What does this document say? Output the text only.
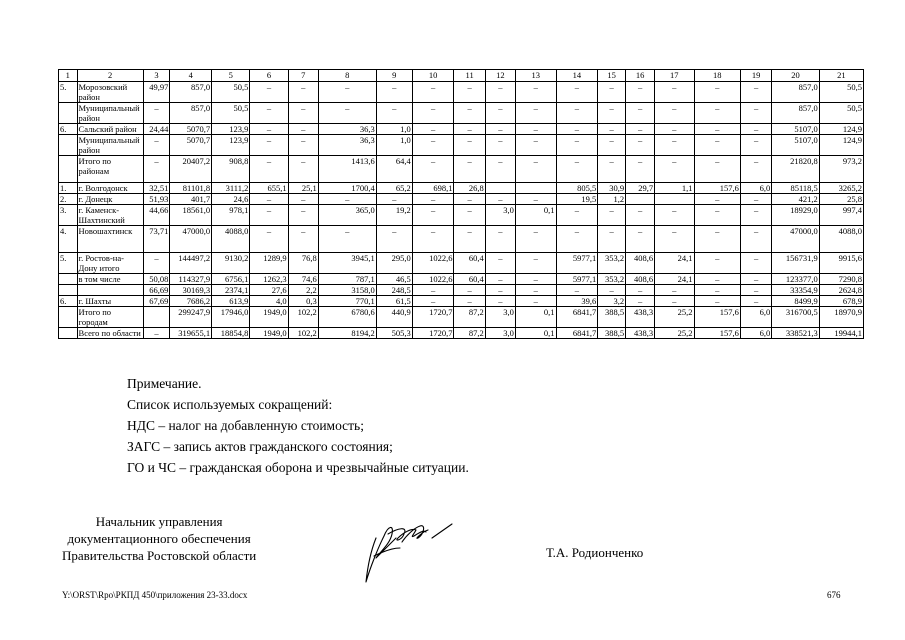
1	2	3	4	5	6	7	8	9	10	11	12	13	14	15	16	17	18	19	20	21
5.	Морозовский район	49,97	857,0	50,5	–	–	–	–	–	–	–	–	–	–	–	–	–	–	857,0	50,5
	Муниципальный район	–	857,0	50,5	–	–	–	–	–	–	–	–	–	–	–	–	–	–	857,0	50,5
6.	Сальский район	24,44	5070,7	123,9	–	–	36,3	1,0	–	–	–	–	–	–	–	–	–	–	5107,0	124,9
	Муниципальный район	–	5070,7	123,9	–	–	36,3	1,0	–	–	–	–	–	–	–	–	–	–	5107,0	124,9
	Итого по районам	–	20407,2	908,8	–	–	1413,6	64,4	–	–	–	–	–	–	–	–	–	–	21820,8	973,2
1.	г. Волгодонск	32,51	81101,8	3111,2	655,1	25,1	1700,4	65,2	698,1	26,8			805,5	30,9	29,7	1,1	157,6	6,0	85118,5	3265,2
2.	г. Донецк	51,93	401,7	24,6	–	–	–	–	–	–	–	–	19,5	1,2			–	–	421,2	25,8
3.	г. Каменск-Шахтинский	44,66	18561,0	978,1	–	–	365,0	19,2	–	–	3,0	0,1	–	–	–	–	–	–	18929,0	997,4
4.	Новошахтинск	73,71	47000,0	4088,0	–	–	–	–	–	–	–	–	–	–	–	–	–	–	47000,0	4088,0
5.	г. Ростов-на-Дону итого	–	144497,2	9130,2	1289,9	76,8	3945,1	295,0	1022,6	60,4	–	–	5977,1	353,2	408,6	24,1	–	–	156731,9	9915,6
	в том числе	50,08	114327,9	6756,1	1262,3	74,6	787,1	46,5	1022,6	60,4	–	–	5977,1	353,2	408,6	24,1	–	–	123377,0	7290,8
		66,69	30169,3	2374,1	27,6	2,2	3158,0	248,5	–	–	–	–	–	–	–	–	–	–	33354,9	2624,8
6.	г. Шахты	67,69	7686,2	613,9	4,0	0,3	770,1	61,5	–	–	–	–	39,6	3,2	–	–	–	–	8499,9	678,9
	Итого по городам		299247,9	17946,0	1949,0	102,2	6780,6	440,9	1720,7	87,2	3,0	0,1	6841,7	388,5	438,3	25,2	157,6	6,0	316700,5	18970,9
	Всего по области	–	319655,1	18854,8	1949,0	102,2	8194,2	505,3	1720,7	87,2	3,0	0,1	6841,7	388,5	438,3	25,2	157,6	6,0	338521,3	19944,1
Примечание.
Список используемых сокращений:
НДС – налог на добавленную стоимость;
ЗАГС – запись актов гражданского состояния;
ГО и ЧС – гражданская оборона и чрезвычайные ситуации.
Начальник управления
документационного обеспечения
Правительства Ростовской области	Т.А. Родионченко
Y:\ORST\Rpo\РКПД 450\приложения 23-33.docx	676
